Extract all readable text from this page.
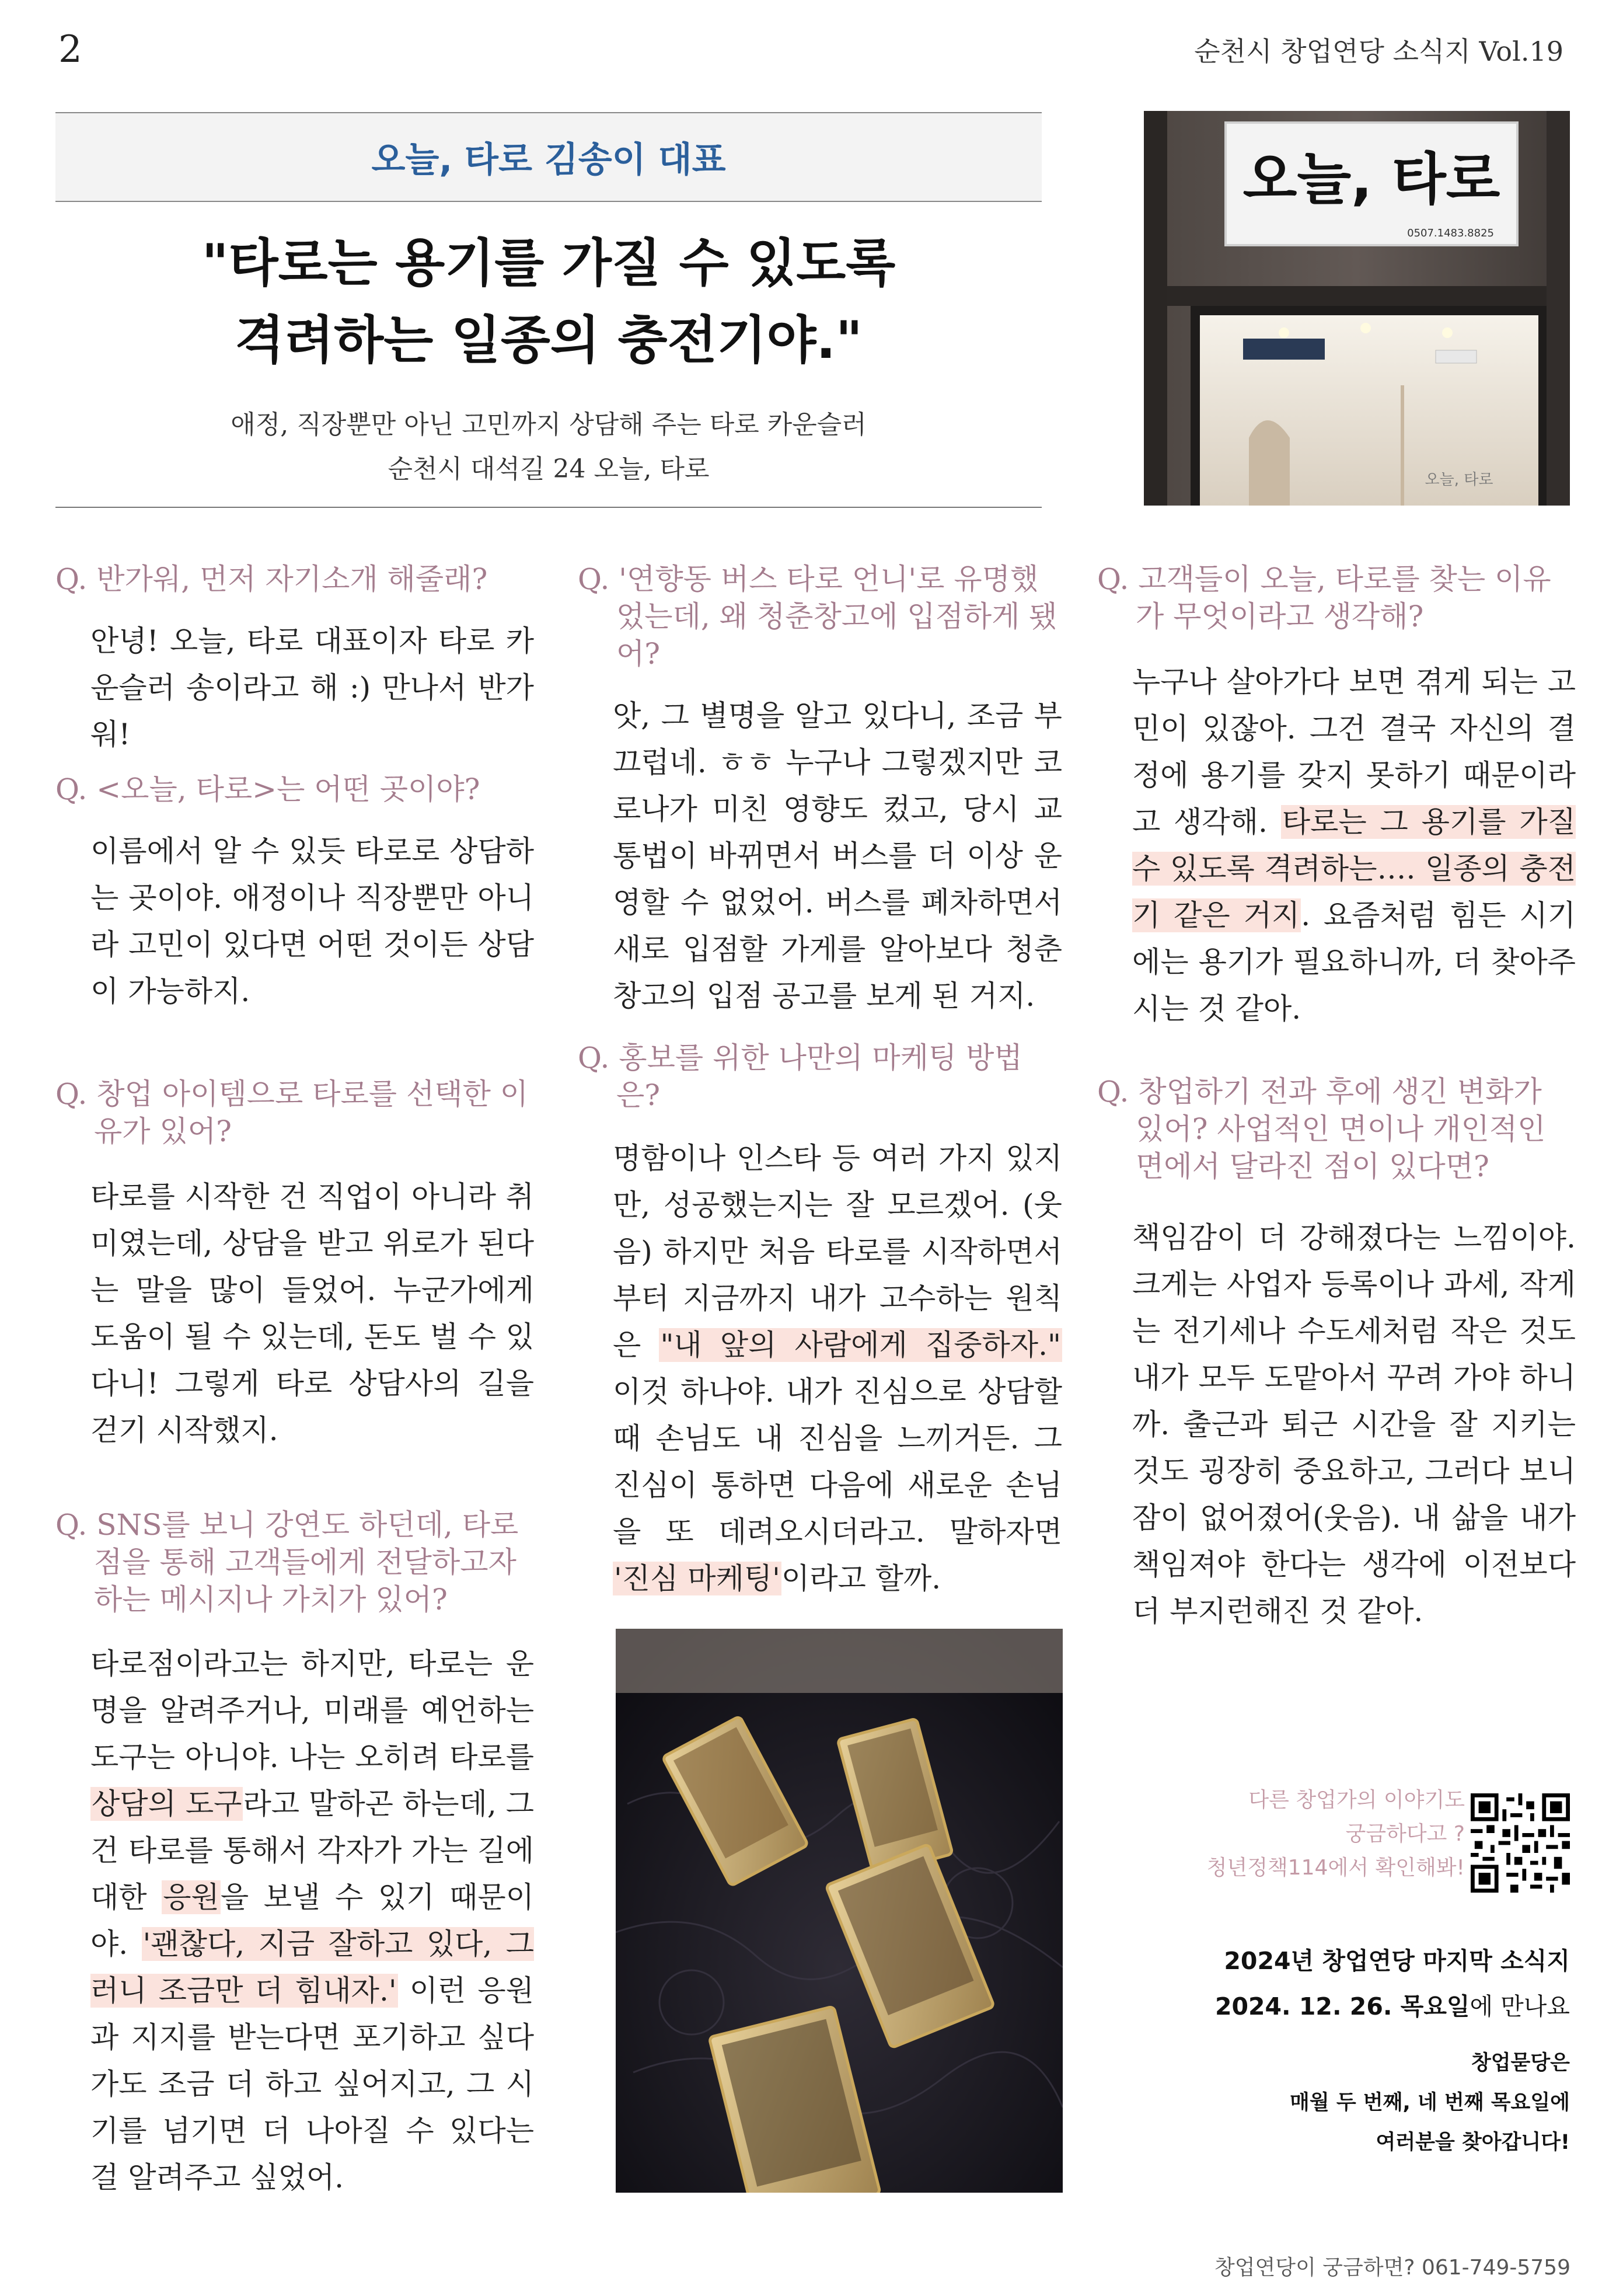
2	순천시 창업연당 소식지 Vol.19
오늘, 타로 김송이 대표
"타로는 용기를 가질 수 있도록
격려하는 일종의 충전기야."
애정, 직장뿐만 아닌 고민까지 상담해 주는 타로 카운슬러
순천시 대석길 24 오늘, 타로
오늘, 타로
0507.1483.8825
오늘, 타로

Q. 반가워, 먼저 자기소개 해줄래?

안녕! 오늘, 타로 대표이자 타로 카운슬러 송이라고 해 :) 만나서 반가워!

Q. <오늘, 타로>는 어떤 곳이야?

이름에서 알 수 있듯 타로로 상담하는 곳이야. 애정이나 직장뿐만 아니라 고민이 있다면 어떤 것이든 상담이 가능하지.

Q. 창업 아이템으로 타로를 선택한 이유가 있어?

타로를 시작한 건 직업이 아니라 취미였는데, 상담을 받고 위로가 된다는 말을 많이 들었어. 누군가에게 도움이 될 수 있는데, 돈도 벌 수 있다니! 그렇게 타로 상담사의 길을 걷기 시작했지.

Q. SNS를 보니 강연도 하던데, 타로점을 통해 고객들에게 전달하고자 하는 메시지나 가치가 있어?

타로점이라고는 하지만, 타로는 운명을 알려주거나, 미래를 예언하는 도구는 아니야. 나는 오히려 타로를 상담의 도구라고 말하곤 하는데, 그건 타로를 통해서 각자가 가는 길에 대한 응원을 보낼 수 있기 때문이야. '괜찮다, 지금 잘하고 있다, 그러니 조금만 더 힘내자.' 이런 응원과 지지를 받는다면 포기하고 싶다가도 조금 더 하고 싶어지고, 그 시기를 넘기면 더 나아질 수 있다는 걸 알려주고 싶었어.

Q. '연향동 버스 타로 언니'로 유명했었는데, 왜 청춘창고에 입점하게 됐어?

앗, 그 별명을 알고 있다니, 조금 부끄럽네. ㅎㅎ 누구나 그렇겠지만 코로나가 미친 영향도 컸고, 당시 교통법이 바뀌면서 버스를 더 이상 운영할 수 없었어. 버스를 폐차하면서 새로 입점할 가게를 알아보다 청춘창고의 입점 공고를 보게 된 거지.

Q. 홍보를 위한 나만의 마케팅 방법은?

명함이나 인스타 등 여러 가지 있지만, 성공했는지는 잘 모르겠어. (웃음) 하지만 처음 타로를 시작하면서부터 지금까지 내가 고수하는 원칙은 "내 앞의 사람에게 집중하자." 이것 하나야. 내가 진심으로 상담할 때 손님도 내 진심을 느끼거든. 그 진심이 통하면 다음에 새로운 손님을 또 데려오시더라고. 말하자면 '진심 마케팅'이라고 할까.

Q. 고객들이 오늘, 타로를 찾는 이유가 무엇이라고 생각해?

누구나 살아가다 보면 겪게 되는 고민이 있잖아. 그건 결국 자신의 결정에 용기를 갖지 못하기 때문이라고 생각해. 타로는 그 용기를 가질 수 있도록 격려하는…. 일종의 충전기 같은 거지. 요즘처럼 힘든 시기에는 용기가 필요하니까, 더 찾아주시는 것 같아.

Q. 창업하기 전과 후에 생긴 변화가 있어? 사업적인 면이나 개인적인 면에서 달라진 점이 있다면?

책임감이 더 강해졌다는 느낌이야. 크게는 사업자 등록이나 과세, 작게는 전기세나 수도세처럼 작은 것도 내가 모두 도맡아서 꾸려 가야 하니까. 출근과 퇴근 시간을 잘 지키는 것도 굉장히 중요하고, 그러다 보니 잠이 없어졌어(웃음). 내 삶을 내가 책임져야 한다는 생각에 이전보다 더 부지런해진 것 같아.

다른 창업가의 이야기도
궁금하다고 ?
청년정책114에서 확인해봐!
2024년 창업연당 마지막 소식지
2024. 12. 26. 목요일에 만나요
창업묻당은
매월 두 번째, 네 번째 목요일에
여러분을 찾아갑니다!
창업연당이 궁금하면? 061-749-5759
